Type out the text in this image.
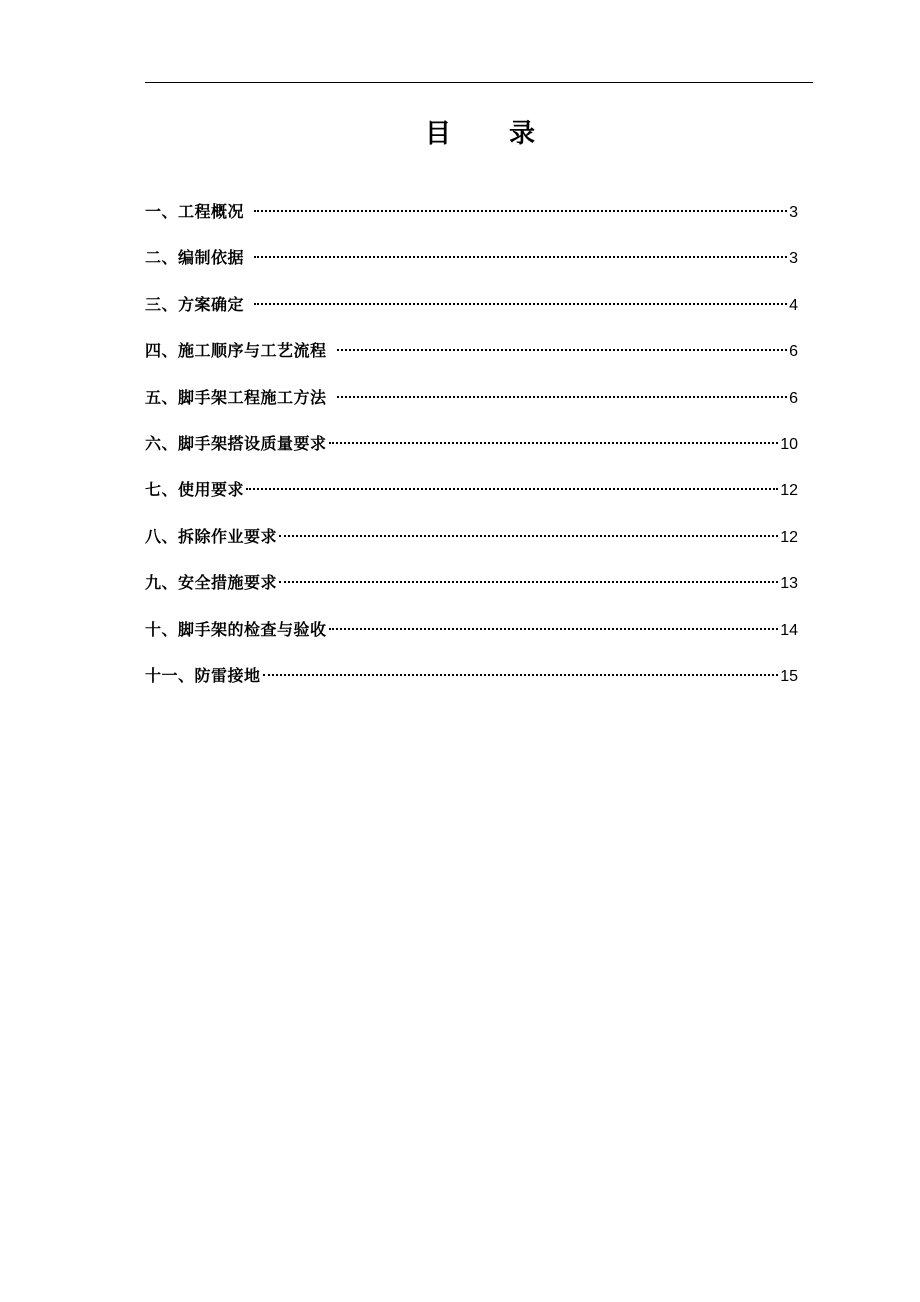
目　　录
一、工程概况	3
二、编制依据	3
三、方案确定	4
四、施工顺序与工艺流程	6
五、脚手架工程施工方法	6
六、脚手架搭设质量要求	10
七、使用要求	12
八、拆除作业要求	12
九、安全措施要求	13
十、脚手架的检查与验收	14
十一、防雷接地	15
